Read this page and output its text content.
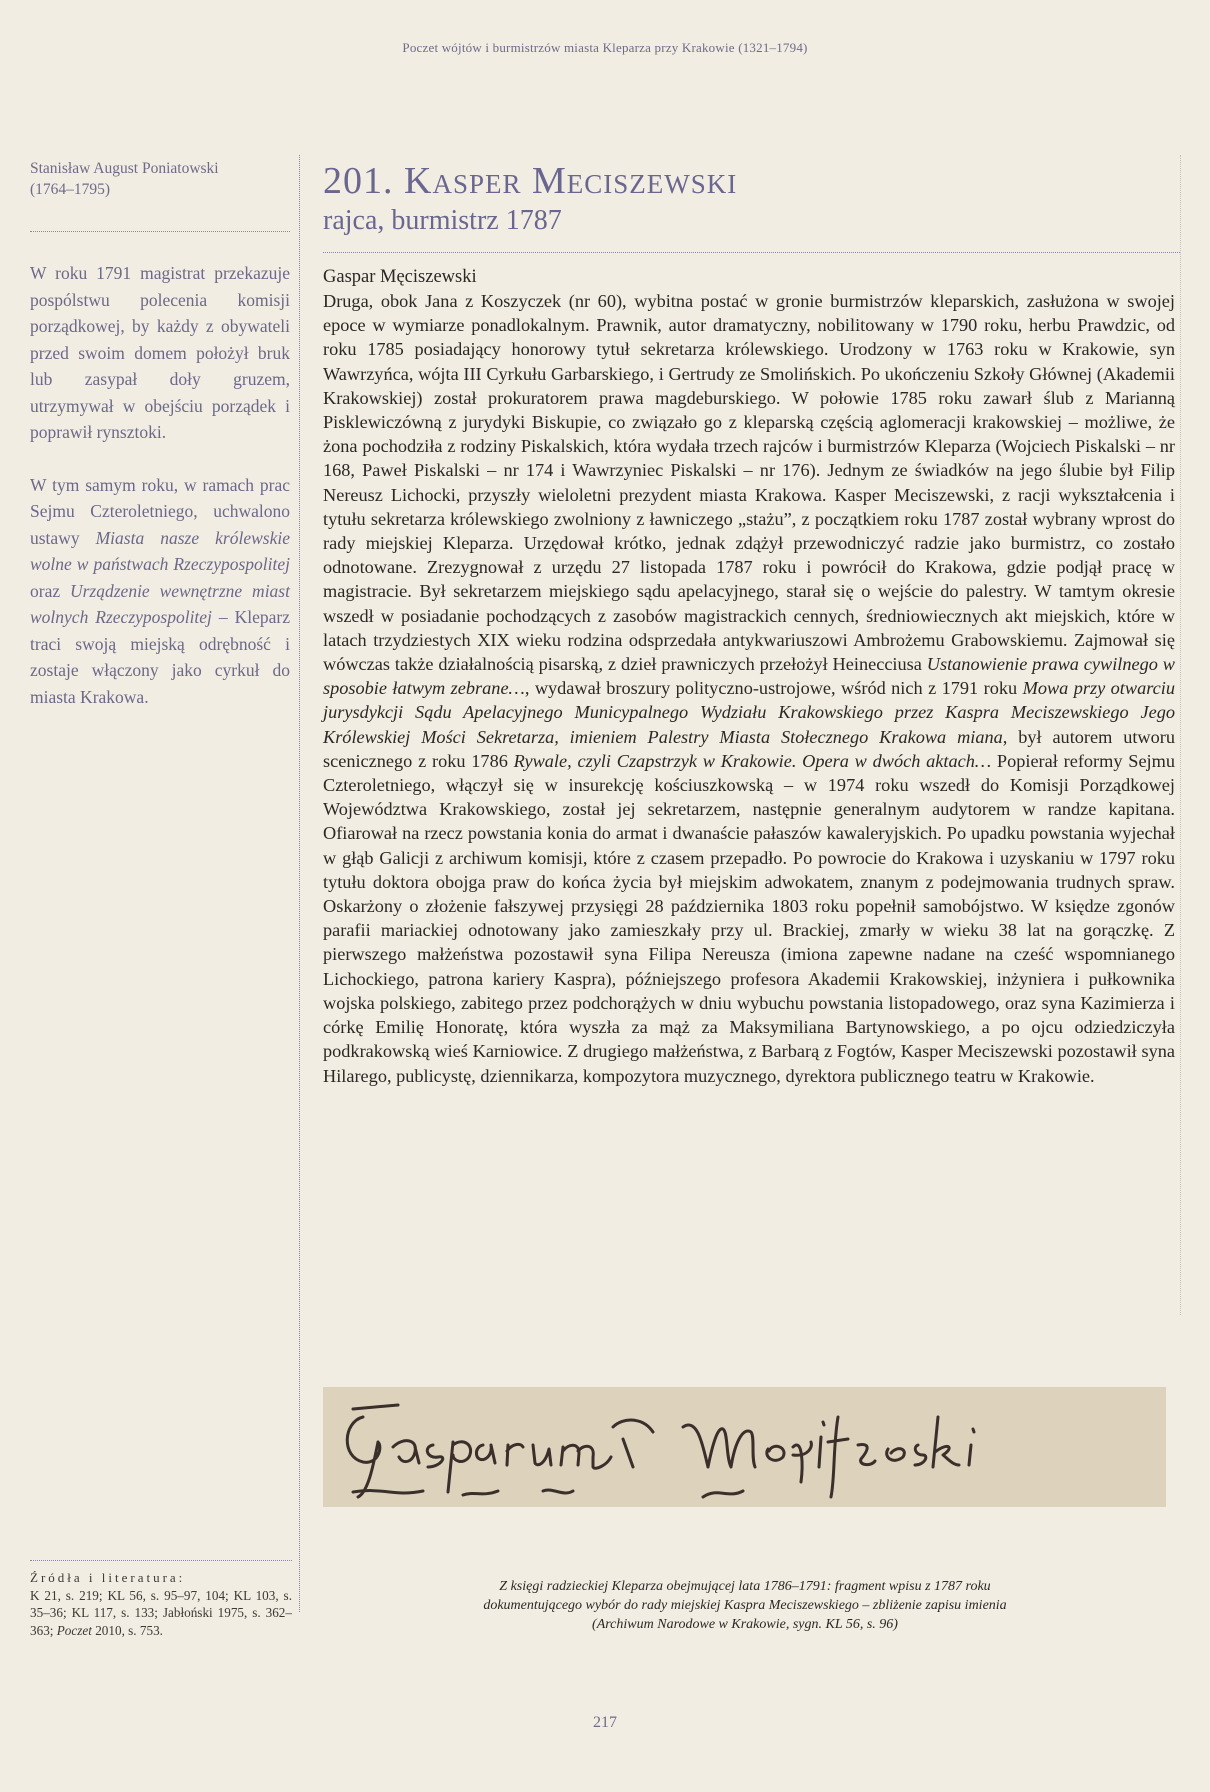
Poczet wójtów i burmistrzów miasta Kleparza przy Krakowie (1321–1794)
Stanisław August Poniatowski
(1764–1795)

W roku 1791 magistrat przekazuje pospólstwu polecenia komisji porządkowej, by każdy z obywateli przed swoim domem położył bruk lub zasypał doły gruzem, utrzymywał w obejściu porządek i poprawił rynsztoki.

W tym samym roku, w ramach prac Sejmu Czteroletniego, uchwalono ustawy Miasta nasze królewskie wolne w państwach Rzeczypospolitej oraz Urządzenie wewnętrzne miast wolnych Rzeczypospolitej – Kleparz traci swoją miejską odrębność i zostaje włączony jako cyrkuł do miasta Krakowa.

201. Kasper Meciszewski
rajca, burmistrz 1787

Gaspar Męciszewski

Druga, obok Jana z Koszyczek (nr 60), wybitna postać w gronie burmistrzów kleparskich, zasłużona w swojej epoce w wymiarze ponadlokalnym. Prawnik, autor dramatyczny, nobilitowany w 1790 roku, herbu Prawdzic, od roku 1785 posiadający honorowy tytuł sekretarza królewskiego. Urodzony w 1763 roku w Krakowie, syn Wawrzyńca, wójta III Cyrkułu Garbarskiego, i Gertrudy ze Smolińskich. Po ukończeniu Szkoły Głównej (Akademii Krakowskiej) został prokuratorem prawa magdeburskiego. W połowie 1785 roku zawarł ślub z Marianną Pisklewiczówną z jurydyki Biskupie, co związało go z kleparską częścią aglomeracji krakowskiej – możliwe, że żona pochodziła z rodziny Piskalskich, która wydała trzech rajców i burmistrzów Kleparza (Wojciech Piskalski – nr 168, Paweł Piskalski – nr 174 i Wawrzyniec Piskalski – nr 176). Jednym ze świadków na jego ślubie był Filip Nereusz Lichocki, przyszły wieloletni prezydent miasta Krakowa. Kasper Meciszewski, z racji wykształcenia i tytułu sekretarza królewskiego zwolniony z ławniczego „stażu”, z początkiem roku 1787 został wybrany wprost do rady miejskiej Kleparza. Urzędował krótko, jednak zdążył przewodniczyć radzie jako burmistrz, co zostało odnotowane. Zrezygnował z urzędu 27 listopada 1787 roku i powrócił do Krakowa, gdzie podjął pracę w magistracie. Był sekretarzem miejskiego sądu apelacyjnego, starał się o wejście do palestry. W tamtym okresie wszedł w posiadanie pochodzących z zasobów magistrackich cennych, średniowiecznych akt miejskich, które w latach trzydziestych XIX wieku rodzina odsprzedała antykwariuszowi Ambrożemu Grabowskiemu. Zajmował się wówczas także działalnością pisarską, z dzieł prawniczych przełożył Heinecciusa Ustanowienie prawa cywilnego w sposobie łatwym zebrane…, wydawał broszury polityczno-ustrojowe, wśród nich z 1791 roku Mowa przy otwarciu jurysdykcji Sądu Apelacyjnego Municypalnego Wydziału Krakowskiego przez Kaspra Meciszewskiego Jego Królewskiej Mości Sekretarza, imieniem Palestry Miasta Stołecznego Krakowa miana, był autorem utworu scenicznego z roku 1786 Rywale, czyli Czapstrzyk w Krakowie. Opera w dwóch aktach… Popierał reformy Sejmu Czteroletniego, włączył się w insurekcję kościuszkowską – w 1974 roku wszedł do Komisji Porządkowej Województwa Krakowskiego, został jej sekretarzem, następnie generalnym audytorem w randze kapitana. Ofiarował na rzecz powstania konia do armat i dwanaście pałaszów kawaleryjskich. Po upadku powstania wyjechał w głąb Galicji z archiwum komisji, które z czasem przepadło. Po powrocie do Krakowa i uzyskaniu w 1797 roku tytułu doktora obojga praw do końca życia był miejskim adwokatem, znanym z podejmowania trudnych spraw. Oskarżony o złożenie fałszywej przysięgi 28 października 1803 roku popełnił samobójstwo. W księdze zgonów parafii mariackiej odnotowany jako zamieszkały przy ul. Brackiej, zmarły w wieku 38 lat na gorączkę. Z pierwszego małżeństwa pozostawił syna Filipa Nereusza (imiona zapewne nadane na cześć wspomnianego Lichockiego, patrona kariery Kaspra), późniejszego profesora Akademii Krakowskiej, inżyniera i pułkownika wojska polskiego, zabitego przez podchorążych w dniu wybuchu powstania listopadowego, oraz syna Kazimierza i córkę Emilię Honoratę, która wyszła za mąż za Maksymiliana Bartynowskiego, a po ojcu odziedziczyła podkrakowską wieś Karniowice. Z drugiego małżeństwa, z Barbarą z Fogtów, Kasper Meciszewski pozostawił syna Hilarego, publicystę, dziennikarza, kompozytora muzycznego, dyrektora publicznego teatru w Krakowie.

Z księgi radzieckiej Kleparza obejmującej lata 1786–1791: fragment wpisu z 1787 roku
dokumentującego wybór do rady miejskiej Kaspra Meciszewskiego – zbliżenie zapisu imienia
(Archiwum Narodowe w Krakowie, sygn. KL 56, s. 96)
Źródła i literatura:
K 21, s. 219; KL 56, s. 95–97, 104; KL 103, s. 35–36; KL 117, s. 133; Jabłoński 1975, s. 362–363; Poczet 2010, s. 753.
217
